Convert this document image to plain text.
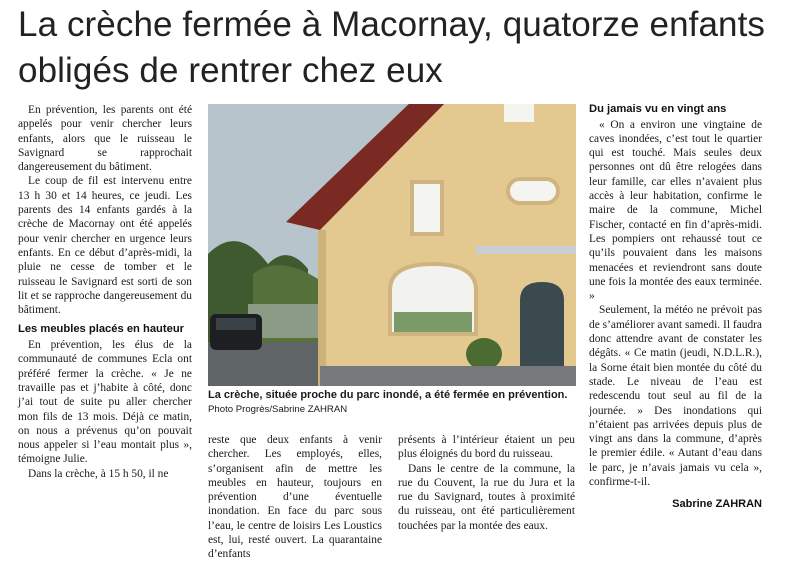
La crèche fermée à Macornay, quatorze enfants obligés de rentrer chez eux

En prévention, les parents ont été appelés pour venir chercher leurs enfants, alors que le ruisseau le Savignard se rapprochait dangereusement du bâtiment.

Le coup de fil est intervenu entre 13 h 30 et 14 heures, ce jeudi. Les parents des 14 enfants gardés à la crèche de Macornay ont été appelés pour venir chercher en urgence leurs enfants. En ce début d’après-midi, la pluie ne cesse de tomber et le ruisseau le Savignard est sorti de son lit et se rapproche dangereusement du bâtiment.

Les meubles placés en hauteur

En prévention, les élus de la communauté de communes Ecla ont préféré fermer la crèche. « Je ne travaille pas et j’habite à côté, donc j’ai tout de suite pu aller chercher mon fils de 13 mois. Déjà ce matin, on nous a prévenus qu’on pouvait nous appeler si l’eau montait plus », témoigne Julie.

Dans la crèche, à 15 h 50, il ne

La crèche, située proche du parc inondé, a été fermée en prévention. Photo Progrès/Sabrine ZAHRAN

reste que deux enfants à venir chercher. Les employés, elles, s’organisent afin de mettre les meubles en hauteur, toujours en prévention d’une éventuelle inondation. En face du parc sous l’eau, le centre de loisirs Les Loustics est, lui, resté ouvert. La quarantaine d’enfants

présents à l’intérieur étaient un peu plus éloignés du bord du ruisseau.

Dans le centre de la commune, la rue du Couvent, la rue du Jura et la rue du Savignard, toutes à proximité du ruisseau, ont été particulièrement touchées par la montée des eaux.

Du jamais vu en vingt ans

« On a environ une vingtaine de caves inondées, c’est tout le quartier qui est touché. Mais seules deux personnes ont dû être relogées dans leur famille, car elles n’avaient plus accès à leur habitation, confirme le maire de la commune, Michel Fischer, contacté en fin d’après-midi. Les pompiers ont rehaussé tout ce qu’ils pouvaient dans les maisons menacées et reviendront sans doute une fois la montée des eaux terminée. »

Seulement, la météo ne prévoit pas de s’améliorer avant samedi. Il faudra donc attendre avant de constater les dégâts. « Ce matin (jeudi, N.D.L.R.), la Sorne était bien montée du côté du stade. Le niveau de l’eau est redescendu tout seul au fil de la journée. » Des inondations qui n’étaient pas arrivées depuis plus de vingt ans dans la commune, d’après le premier édile. « Autant d’eau dans le parc, je n’avais jamais vu cela », confirme-t-il.

Sabrine ZAHRAN
